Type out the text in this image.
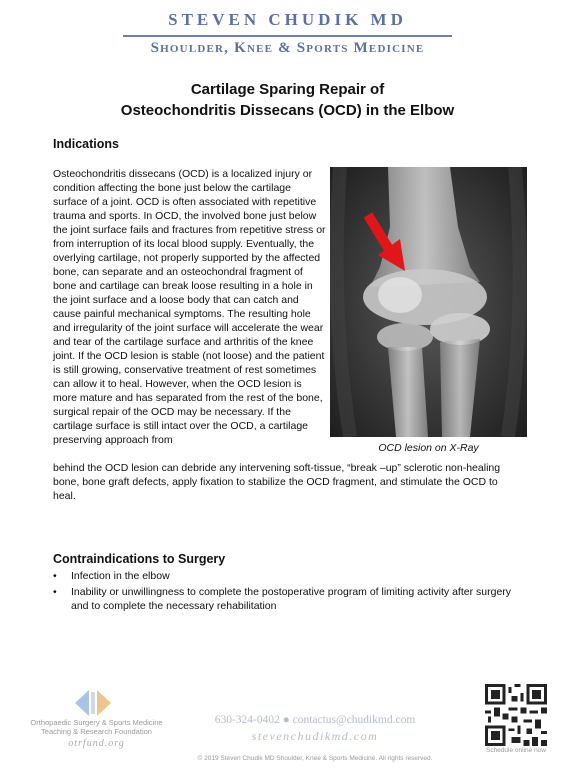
STEVEN CHUDIK MD
Shoulder, Knee & Sports Medicine
Cartilage Sparing Repair of
Osteochondritis Dissecans (OCD) in the Elbow
Indications
Osteochondritis dissecans (OCD) is a localized injury or condition affecting the bone just below the cartilage surface of a joint. OCD is often associated with repetitive trauma and sports. In OCD, the involved bone just below the joint surface fails and fractures from repetitive stress or from interruption of its local blood supply. Eventually, the overlying cartilage, not properly supported by the affected bone, can separate and an osteochondral fragment of bone and cartilage can break loose resulting in a hole in the joint surface and a loose body that can catch and cause painful mechanical symptoms. The resulting hole and irregularity of the joint surface will accelerate the wear and tear of the cartilage surface and arthritis of the knee joint. If the OCD lesion is stable (not loose) and the patient is still growing, conservative treatment of rest sometimes can allow it to heal. However, when the OCD lesion is more mature and has separated from the rest of the bone, surgical repair of the OCD may be necessary. If the cartilage surface is still intact over the OCD, a cartilage preserving approach from
OCD lesion on X-Ray
behind the OCD lesion can debride any intervening soft-tissue, “break –up” sclerotic non-healing bone, bone graft defects, apply fixation to stabilize the OCD fragment, and stimulate the OCD to heal.
Contraindications to Surgery
• Infection in the elbow
• Inability or unwillingness to complete the postoperative program of limiting activity after surgery and to complete the necessary rehabilitation
Orthopaedic Surgery & Sports Medicine
Teaching & Research Foundation
otrfund.org
630-324-0402 ● contactus@chudikmd.com
stevenchudikmd.com
© 2019 Steven Chudik MD Shoulder, Knee & Sports Medicine. All rights reserved.
Schedule online now
